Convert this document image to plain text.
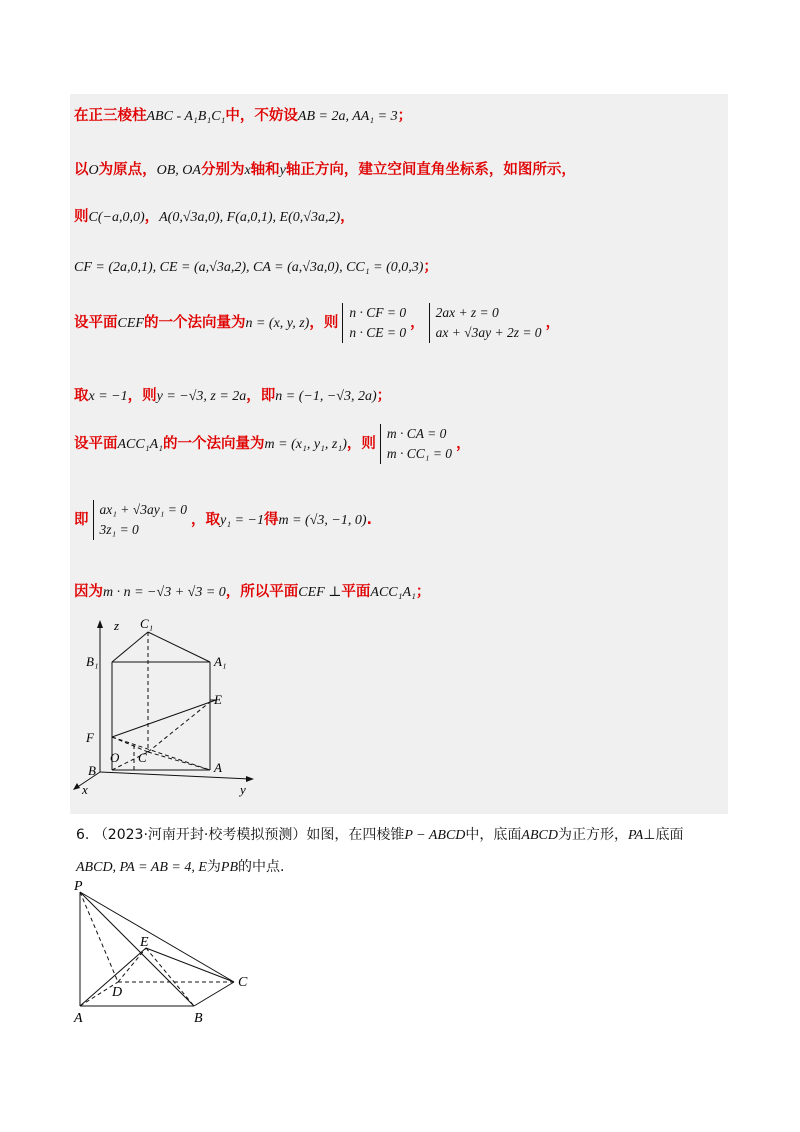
在正三棱柱ABC - A₁B₁C₁中，不妨设AB = 2a, AA₁ = 3；
以O为原点，OB, OA分别为x轴和y轴正方向，建立空间直角坐标系，如图所示，
则C(−a,0,0)，A(0,√3a,0), F(a,0,1), E(0,√3a,2)，
CF = (2a,0,1), CE = (a,√3a,2), CA = (a,√3a,0), CC₁ = (0,0,3)；
设平面CEF的一个法向量为n = (x, y, z)，则
n · CF = 0
n · CE = 0
，
2ax + z = 0
ax + √3ay + 2z = 0
，
取x = −1，则y = −√3, z = 2a，即n = (−1, −√3, 2a)；
设平面ACC₁A₁的一个法向量为m = (x₁, y₁, z₁)，则
m · CA = 0
m · CC₁ = 0
，
即
ax₁ + √3ay₁ = 0
3z₁ = 0
，取y₁ = −1得m = (√3, −1, 0).
因为m · n = −√3 + √3 = 0，所以平面CEF ⊥平面ACC₁A₁；
z C₁
B₁	A₁
E
F
O C
B	A
x	y
6. （2023·河南开封·校考模拟预测）如图，在四棱锥P − ABCD中，底面ABCD为正方形，PA⊥底面
ABCD, PA = AB = 4, E为PB的中点.
P
E
D
C
A	B
